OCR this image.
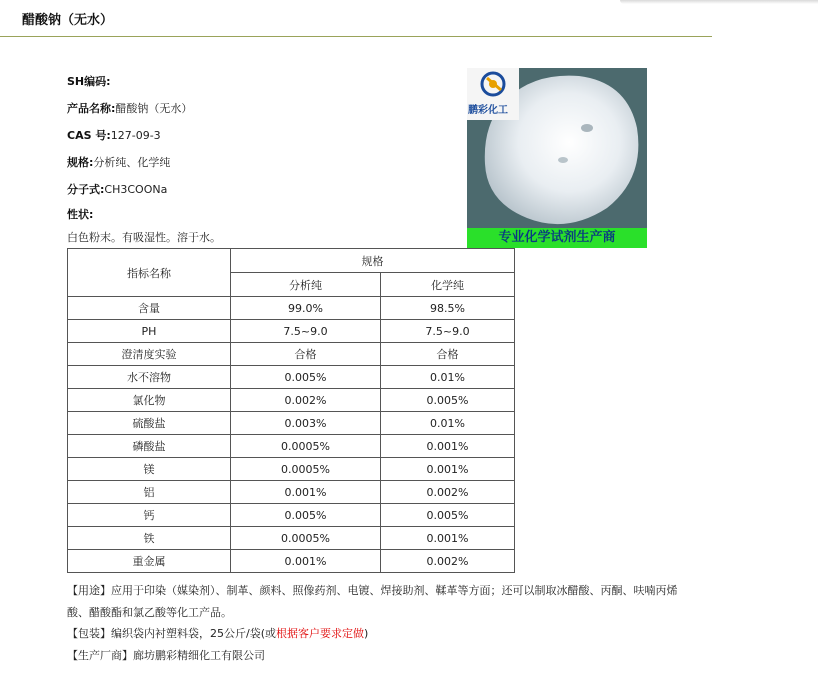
醋酸钠（无水）
SH编码:
产品名称:醋酸钠（无水）
CAS 号:127-09-3
规格:分析纯、化学纯
分子式:CH3COONa
性状:
白色粉末。有吸湿性。溶于水。
鹏彩化工
专业化学试剂生产商
指标名称	规格	
	分析纯	化学纯
含量	99.0%	98.5%
PH	7.5~9.0	7.5~9.0
澄清度实验	合格	合格
水不溶物	0.005%	0.01%
氯化物	0.002%	0.005%
硫酸盐	0.003%	0.01%
磷酸盐	0.0005%	0.001%
镁	0.0005%	0.001%
铝	0.001%	0.002%
钙	0.005%	0.005%
铁	0.0005%	0.001%
重金属	0.001%	0.002%
【用途】应用于印染（媒染剂）、制革、颜料、照像药剂、电镀、焊接助剂、鞣革等方面；还可以制取冰醋酸、丙酮、呋喃丙烯酸、醋酸酯和氯乙酸等化工产品。
【包装】编织袋内衬塑料袋，25公斤/袋(或根据客户要求定做)
【生产厂商】廊坊鹏彩精细化工有限公司
